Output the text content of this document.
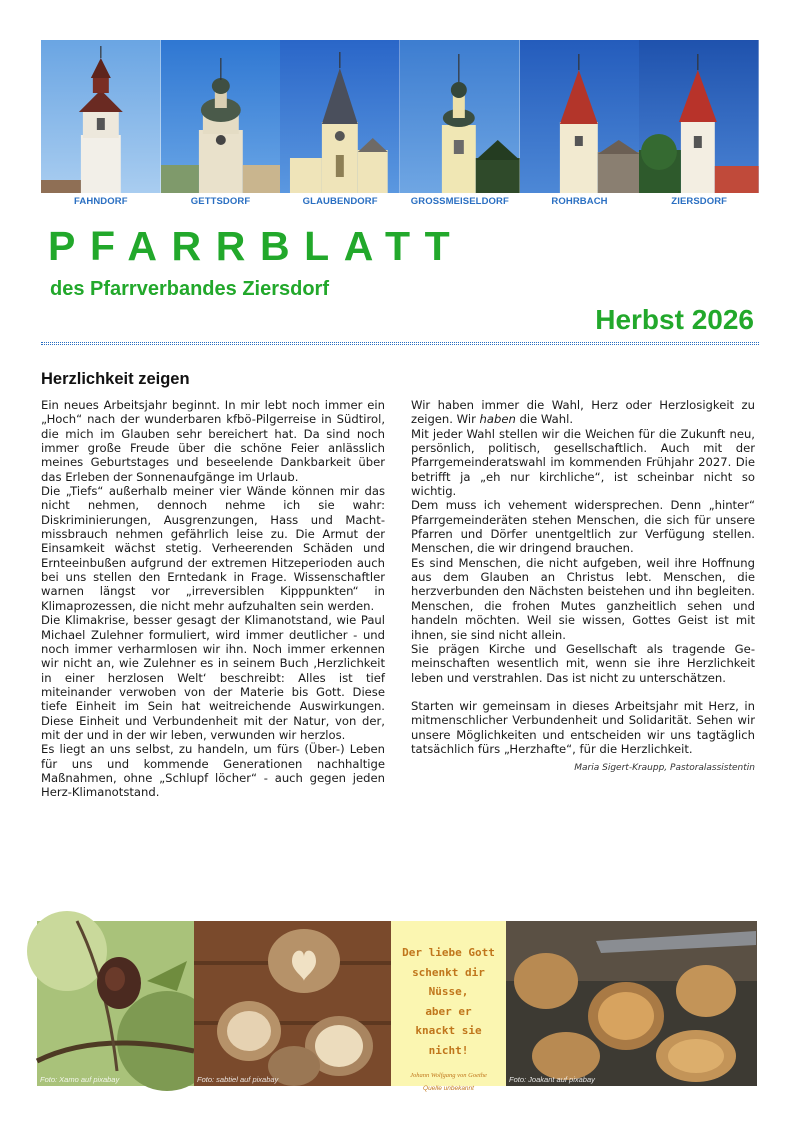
FAHNDORF	GETTSDORF	GLAUBENDORF	GROSSMEISELDORF	ROHRBACH	ZIERSDORF
PFARRBLATT
des Pfarrverbandes Ziersdorf
Herbst 2026
Herzlichkeit zeigen

Ein neues Arbeitsjahr beginnt. In mir lebt noch immer ein „Hoch“ nach der wunderbaren kfbö-Pilgerreise in Südtirol, die mich im Glauben sehr bereichert hat. Da sind noch immer große Freude über die schöne Feier anlässlich meines Geburtstages und beseelende Dankbarkeit über das Erleben der Sonnenaufgänge im Urlaub.

Die „Tiefs“ außerhalb meiner vier Wände können mir das nicht nehmen, dennoch nehme ich sie wahr: Diskriminierungen, Ausgrenzungen, Hass und Machtmissbrauch nehmen gefährlich leise zu. Die Armut der Einsamkeit wächst stetig. Verheerenden Schäden und Ernteeinbußen aufgrund der extremen Hitzeperioden auch bei uns stellen den Erntedank in Frage. Wissenschaftler warnen längst vor „irreversiblen Kipppunkten“ in Klimaprozessen, die nicht mehr aufzuhalten sein werden.

Die Klimakrise, besser gesagt der Klimanotstand, wie Paul Michael Zulehner formuliert, wird immer deutlicher - und noch immer verharmlosen wir ihn. Noch immer erkennen wir nicht an, wie Zulehner es in seinem Buch ‚Herzlichkeit in einer herzlosen Welt‘ beschreibt: Alles ist tief miteinander verwoben von der Materie bis Gott. Diese tiefe Einheit im Sein hat weitreichende Auswirkungen. Diese Einheit und Verbundenheit mit der Natur, von der, mit der und in der wir leben, verwunden wir herzlos.

Es liegt an uns selbst, zu handeln, um fürs (Über-) Leben für uns und kommende Generationen nachhaltige Maßnahmen, ohne „Schlupf löcher“ - auch gegen jeden Herz-Klimanotstand.

Wir haben immer die Wahl, Herz oder Herzlosigkeit zu zeigen. Wir haben die Wahl.

Mit jeder Wahl stellen wir die Weichen für die Zukunft neu, persönlich, politisch, gesellschaftlich. Auch mit der Pfarrgemeinderatswahl im kommenden Frühjahr 2027. Die betrifft ja „eh nur kirchliche“, ist scheinbar nicht so wichtig.

Dem muss ich vehement widersprechen. Denn „hinter“ Pfarrgemeinderäten stehen Menschen, die sich für unsere Pfarren und Dörfer unentgeltlich zur Verfügung stellen. Menschen, die wir dringend brauchen.

Es sind Menschen, die nicht aufgeben, weil ihre Hoffnung aus dem Glauben an Christus lebt. Menschen, die herzverbunden den Nächsten beistehen und ihn begleiten. Menschen, die frohen Mutes ganzheitlich sehen und handeln möchten. Weil sie wissen, Gottes Geist ist mit ihnen, sie sind nicht allein.

Sie prägen Kirche und Gesellschaft als tragende Gemeinschaften wesentlich mit, wenn sie ihre Herzlichkeit leben und verstrahlen. Das ist nicht zu unterschätzen.

Starten wir gemeinsam in dieses Arbeitsjahr mit Herz, in mitmenschlicher Verbundenheit und Solidarität. Sehen wir unsere Möglichkeiten und entscheiden wir uns tagtäglich tatsächlich fürs „Herzhafte“, für die Herzlichkeit.

Maria Sigert-Kraupp, Pastoralassistentin

Foto: Xamo auf pixabay	Foto: sabtiel auf pixabay
Der liebe Gott
schenkt dir
Nüsse,
aber er
knackt sie
nicht!
Johann Wolfgang von Goethe
Quelle unbekannt
Foto: Joakant auf pixabay
